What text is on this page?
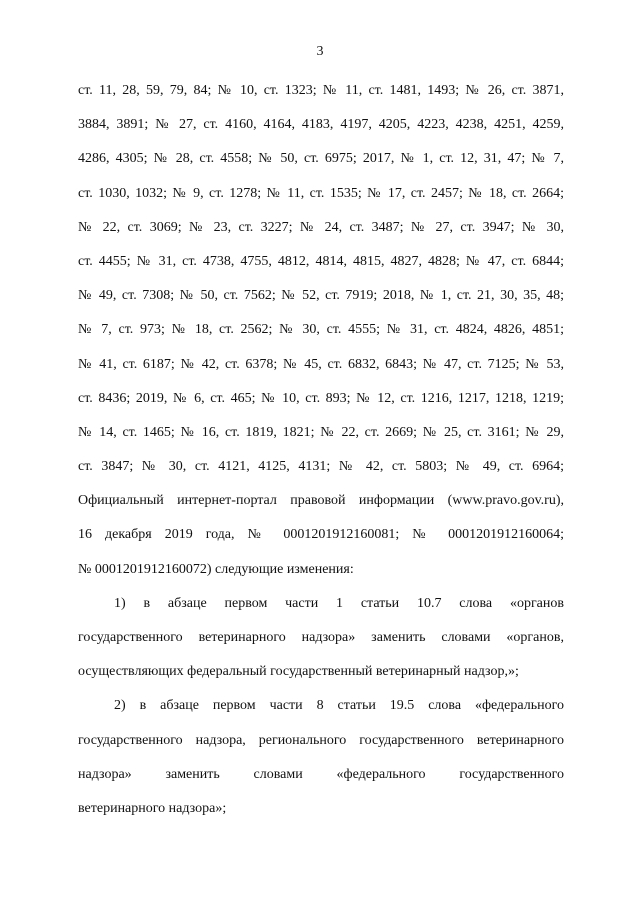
3
ст. 11, 28, 59, 79, 84; № 10, ст. 1323; № 11, ст. 1481, 1493; № 26, ст. 3871,
3884, 3891; № 27, ст. 4160, 4164, 4183, 4197, 4205, 4223, 4238, 4251, 4259,
4286, 4305; № 28, ст. 4558; № 50, ст. 6975; 2017, № 1, ст. 12, 31, 47; № 7,
ст. 1030, 1032; № 9, ст. 1278; № 11, ст. 1535; № 17, ст. 2457; № 18, ст. 2664;
№ 22, ст. 3069; № 23, ст. 3227; № 24, ст. 3487; № 27, ст. 3947; № 30,
ст. 4455; № 31, ст. 4738, 4755, 4812, 4814, 4815, 4827, 4828; № 47, ст. 6844;
№ 49, ст. 7308; № 50, ст. 7562; № 52, ст. 7919; 2018, № 1, ст. 21, 30, 35, 48;
№ 7, ст. 973; № 18, ст. 2562; № 30, ст. 4555; № 31, ст. 4824, 4826, 4851;
№ 41, ст. 6187; № 42, ст. 6378; № 45, ст. 6832, 6843; № 47, ст. 7125; № 53,
ст. 8436; 2019, № 6, ст. 465; № 10, ст. 893; № 12, ст. 1216, 1217, 1218, 1219;
№ 14, ст. 1465; № 16, ст. 1819, 1821; № 22, ст. 2669; № 25, ст. 3161; № 29,
ст. 3847; № 30, ст. 4121, 4125, 4131; № 42, ст. 5803; № 49, ст. 6964;
Официальный интернет-портал правовой информации (www.pravo.gov.ru),
16 декабря 2019 года, № 0001201912160081; № 0001201912160064;
№ 0001201912160072) следующие изменения:
1) в абзаце первом части 1 статьи 10.7 слова «органов
государственного ветеринарного надзора» заменить словами «органов,
осуществляющих федеральный государственный ветеринарный надзор,»;
2) в абзаце первом части 8 статьи 19.5 слова «федерального
государственного надзора, регионального государственного ветеринарного
надзора» заменить словами «федерального государственного
ветеринарного надзора»;
